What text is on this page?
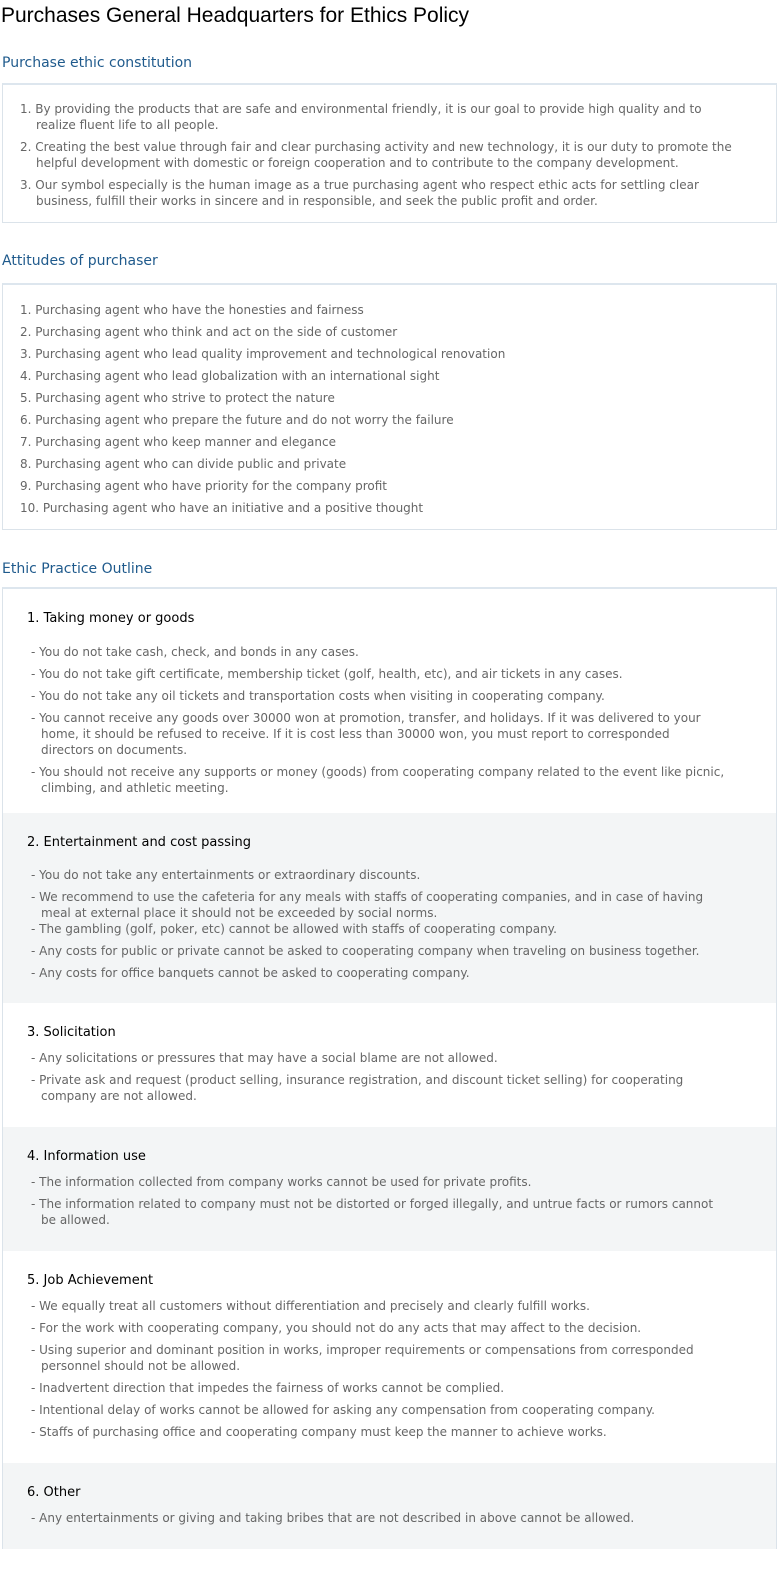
Purchases General Headquarters for Ethics Policy
Purchase ethic constitution
1. By providing the products that are safe and environmental friendly, it is our goal to provide high quality and to
realize fluent life to all people.
2. Creating the best value through fair and clear purchasing activity and new technology, it is our duty to promote the
helpful development with domestic or foreign cooperation and to contribute to the company development.
3. Our symbol especially is the human image as a true purchasing agent who respect ethic acts for settling clear
business, fulfill their works in sincere and in responsible, and seek the public profit and order.
Attitudes of purchaser
1. Purchasing agent who have the honesties and fairness
2. Purchasing agent who think and act on the side of customer
3. Purchasing agent who lead quality improvement and technological renovation
4. Purchasing agent who lead globalization with an international sight
5. Purchasing agent who strive to protect the nature
6. Purchasing agent who prepare the future and do not worry the failure
7. Purchasing agent who keep manner and elegance
8. Purchasing agent who can divide public and private
9. Purchasing agent who have priority for the company profit
10. Purchasing agent who have an initiative and a positive thought
Ethic Practice Outline
1. Taking money or goods
- You do not take cash, check, and bonds in any cases.
- You do not take gift certificate, membership ticket (golf, health, etc), and air tickets in any cases.
- You do not take any oil tickets and transportation costs when visiting in cooperating company.
- You cannot receive any goods over 30000 won at promotion, transfer, and holidays. If it was delivered to your
home, it should be refused to receive. If it is cost less than 30000 won, you must report to corresponded
directors on documents.
- You should not receive any supports or money (goods) from cooperating company related to the event like picnic,
climbing, and athletic meeting.
2. Entertainment and cost passing
- You do not take any entertainments or extraordinary discounts.
- We recommend to use the cafeteria for any meals with staffs of cooperating companies, and in case of having
meal at external place it should not be exceeded by social norms.
- The gambling (golf, poker, etc) cannot be allowed with staffs of cooperating company.
- Any costs for public or private cannot be asked to cooperating company when traveling on business together.
- Any costs for office banquets cannot be asked to cooperating company.
3. Solicitation
- Any solicitations or pressures that may have a social blame are not allowed.
- Private ask and request (product selling, insurance registration, and discount ticket selling) for cooperating
company are not allowed.
4. Information use
- The information collected from company works cannot be used for private profits.
- The information related to company must not be distorted or forged illegally, and untrue facts or rumors cannot
be allowed.
5. Job Achievement
- We equally treat all customers without differentiation and precisely and clearly fulfill works.
- For the work with cooperating company, you should not do any acts that may affect to the decision.
- Using superior and dominant position in works, improper requirements or compensations from corresponded
personnel should not be allowed.
- Inadvertent direction that impedes the fairness of works cannot be complied.
- Intentional delay of works cannot be allowed for asking any compensation from cooperating company.
- Staffs of purchasing office and cooperating company must keep the manner to achieve works.
6. Other
- Any entertainments or giving and taking bribes that are not described in above cannot be allowed.
